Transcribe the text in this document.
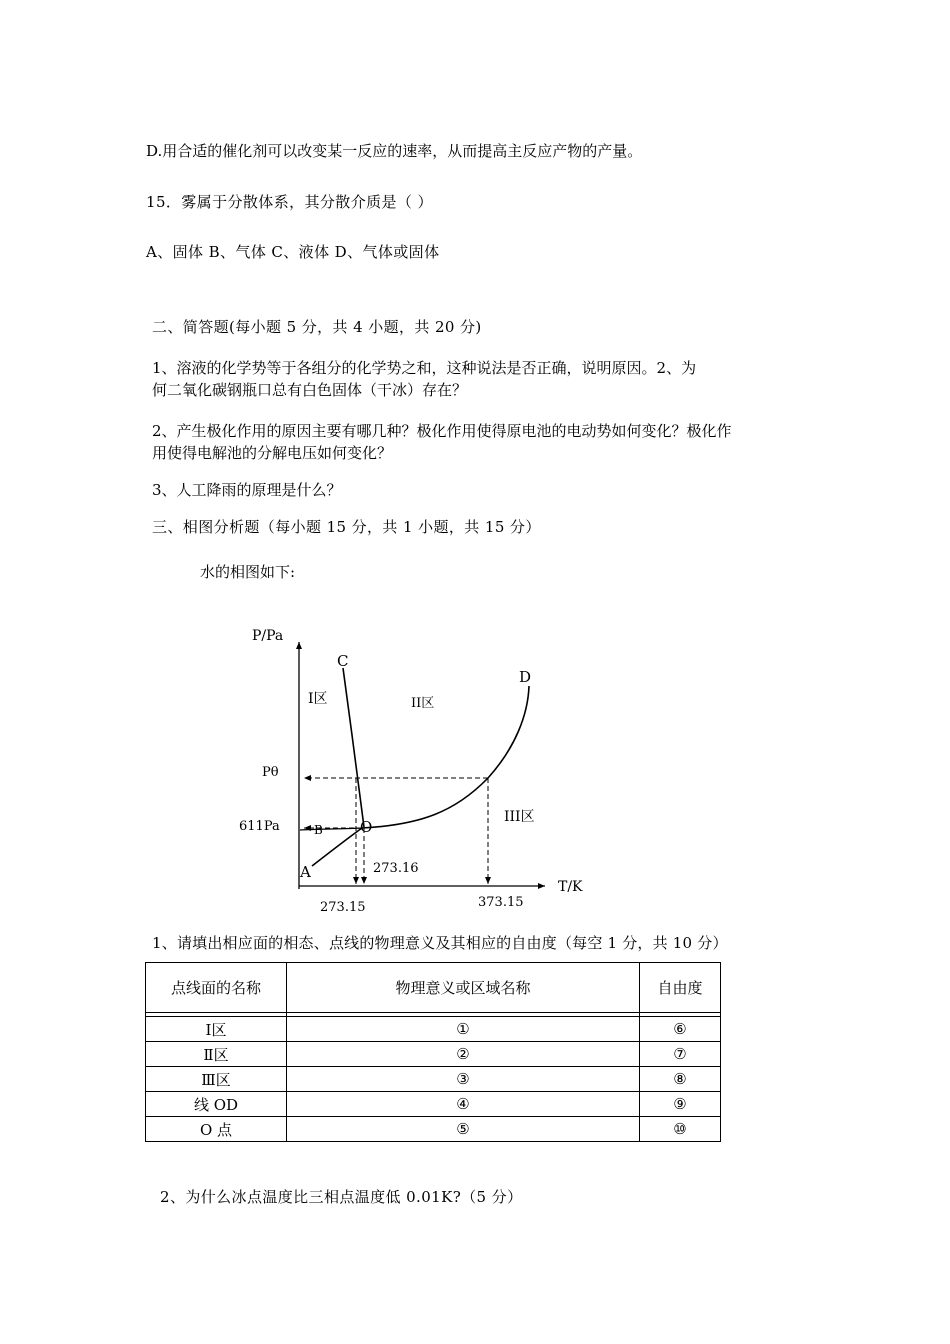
D.用合适的催化剂可以改变某一反应的速率，从而提高主反应产物的产量。
15．雾属于分散体系，其分散介质是（ ）
A、固体 B、气体 C、液体 D、气体或固体
二、简答题(每小题 5 分，共 4 小题，共 20 分)
1、溶液的化学势等于各组分的化学势之和，这种说法是否正确，说明原因。2、为
何二氧化碳钢瓶口总有白色固体（干冰）存在？
2、产生极化作用的原因主要有哪几种？极化作用使得原电池的电动势如何变化？极化作
用使得电解池的分解电压如何变化？
3、人工降雨的原理是什么？
三、相图分析题（每小题 15 分，共 1 小题，共 15 分）
水的相图如下:
P/Pa
T/K
C
D
O
A
B
I区	II区
III区
Pθ
611Pa
273.16
273.15	373.15
1、请填出相应面的相态、点线的物理意义及其相应的自由度（每空 1 分，共 10 分）
点线面的名称	物理意义或区域名称	自由度

Ⅰ区	①	⑥
Ⅱ区	②	⑦
Ⅲ区	③	⑧
线 OD	④	⑨
O 点	⑤	⑩
2、为什么冰点温度比三相点温度低 0.01K?（5 分）
